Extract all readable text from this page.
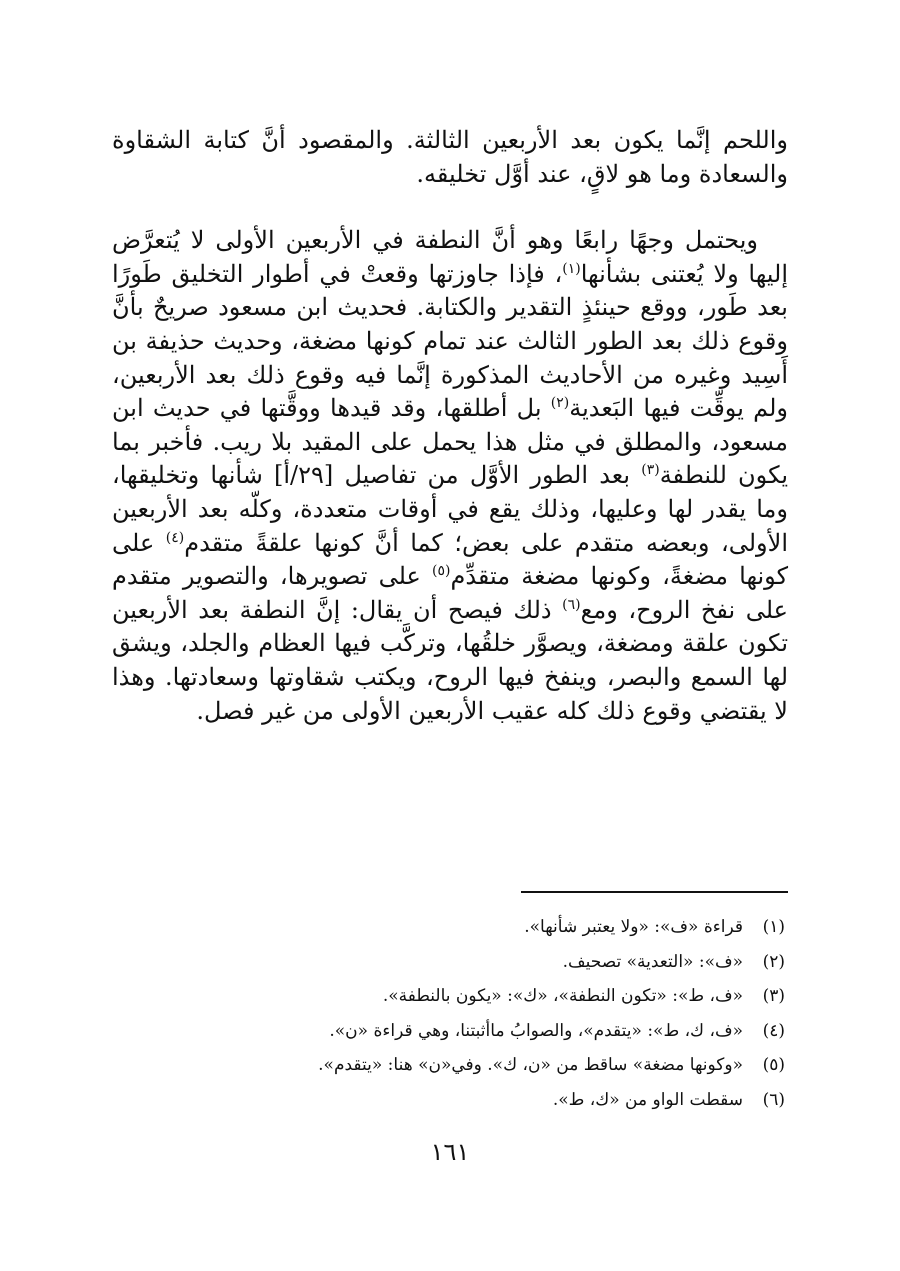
واللحم إنَّما يكون بعد الأربعين الثالثة. والمقصود أنَّ كتابة الشقاوة والسعادة وما هو لاقٍ، عند أوَّل تخليقه.

ويحتمل وجهًا رابعًا وهو أنَّ النطفة في الأربعين الأولى لا يُتعرَّض إليها ولا يُعتنى بشأنها$^{(١)}$، فإذا جاوزتها وقعتْ في أطوار التخليق طَورًا بعد طَور، ووقع حينئذٍ التقدير والكتابة. فحديث ابن مسعود صريحٌ بأنَّ وقوع ذلك بعد الطور الثالث عند تمام كونها مضغة، وحديث حذيفة بن أَسِيد وغيره من الأحاديث المذكورة إنَّما فيه وقوع ذلك بعد الأربعين، ولم يوقِّت فيها البَعدية$^{(٢)}$ بل أطلقها، وقد قيدها ووقَّتها في حديث ابن مسعود، والمطلق في مثل هذا يحمل على المقيد بلا ريب. فأخبر بما يكون للنطفة$^{(٣)}$ بعد الطور الأوَّل من تفاصيل [٢٩/أ] شأنها وتخليقها، وما يقدر لها وعليها، وذلك يقع في أوقات متعددة، وكلّه بعد الأربعين الأولى، وبعضه متقدم على بعض؛ كما أنَّ كونها علقةً متقدم$^{(٤)}$ على كونها مضغةً، وكونها مضغة متقدِّم$^{(٥)}$ على تصويرها، والتصوير متقدم على نفخ الروح، ومع$^{(٦)}$ ذلك فيصح أن يقال: إنَّ النطفة بعد الأربعين تكون علقة ومضغة، ويصوَّر خلقُها، وتركَّب فيها العظام والجلد، ويشق لها السمع والبصر، وينفخ فيها الروح، ويكتب شقاوتها وسعادتها. وهذا لا يقتضي وقوع ذلك كله عقيب الأربعين الأولى من غير فصل.

(١)
قراءة «ف»: «ولا يعتبر شأنها».
(٢)
«ف»: «التعدية» تصحيف.
(٣)
«ف، ط»: «تكون النطفة»، «ك»: «يكون بالنطفة».
(٤)
«ف، ك، ط»: «يتقدم»، والصوابُ ماأثبتنا، وهي قراءة «ن».
(٥)
«وكونها مضغة» ساقط من «ن، ك». وفي«ن» هنا: «يتقدم».
(٦)
سقطت الواو من «ك، ط».
١٦١
